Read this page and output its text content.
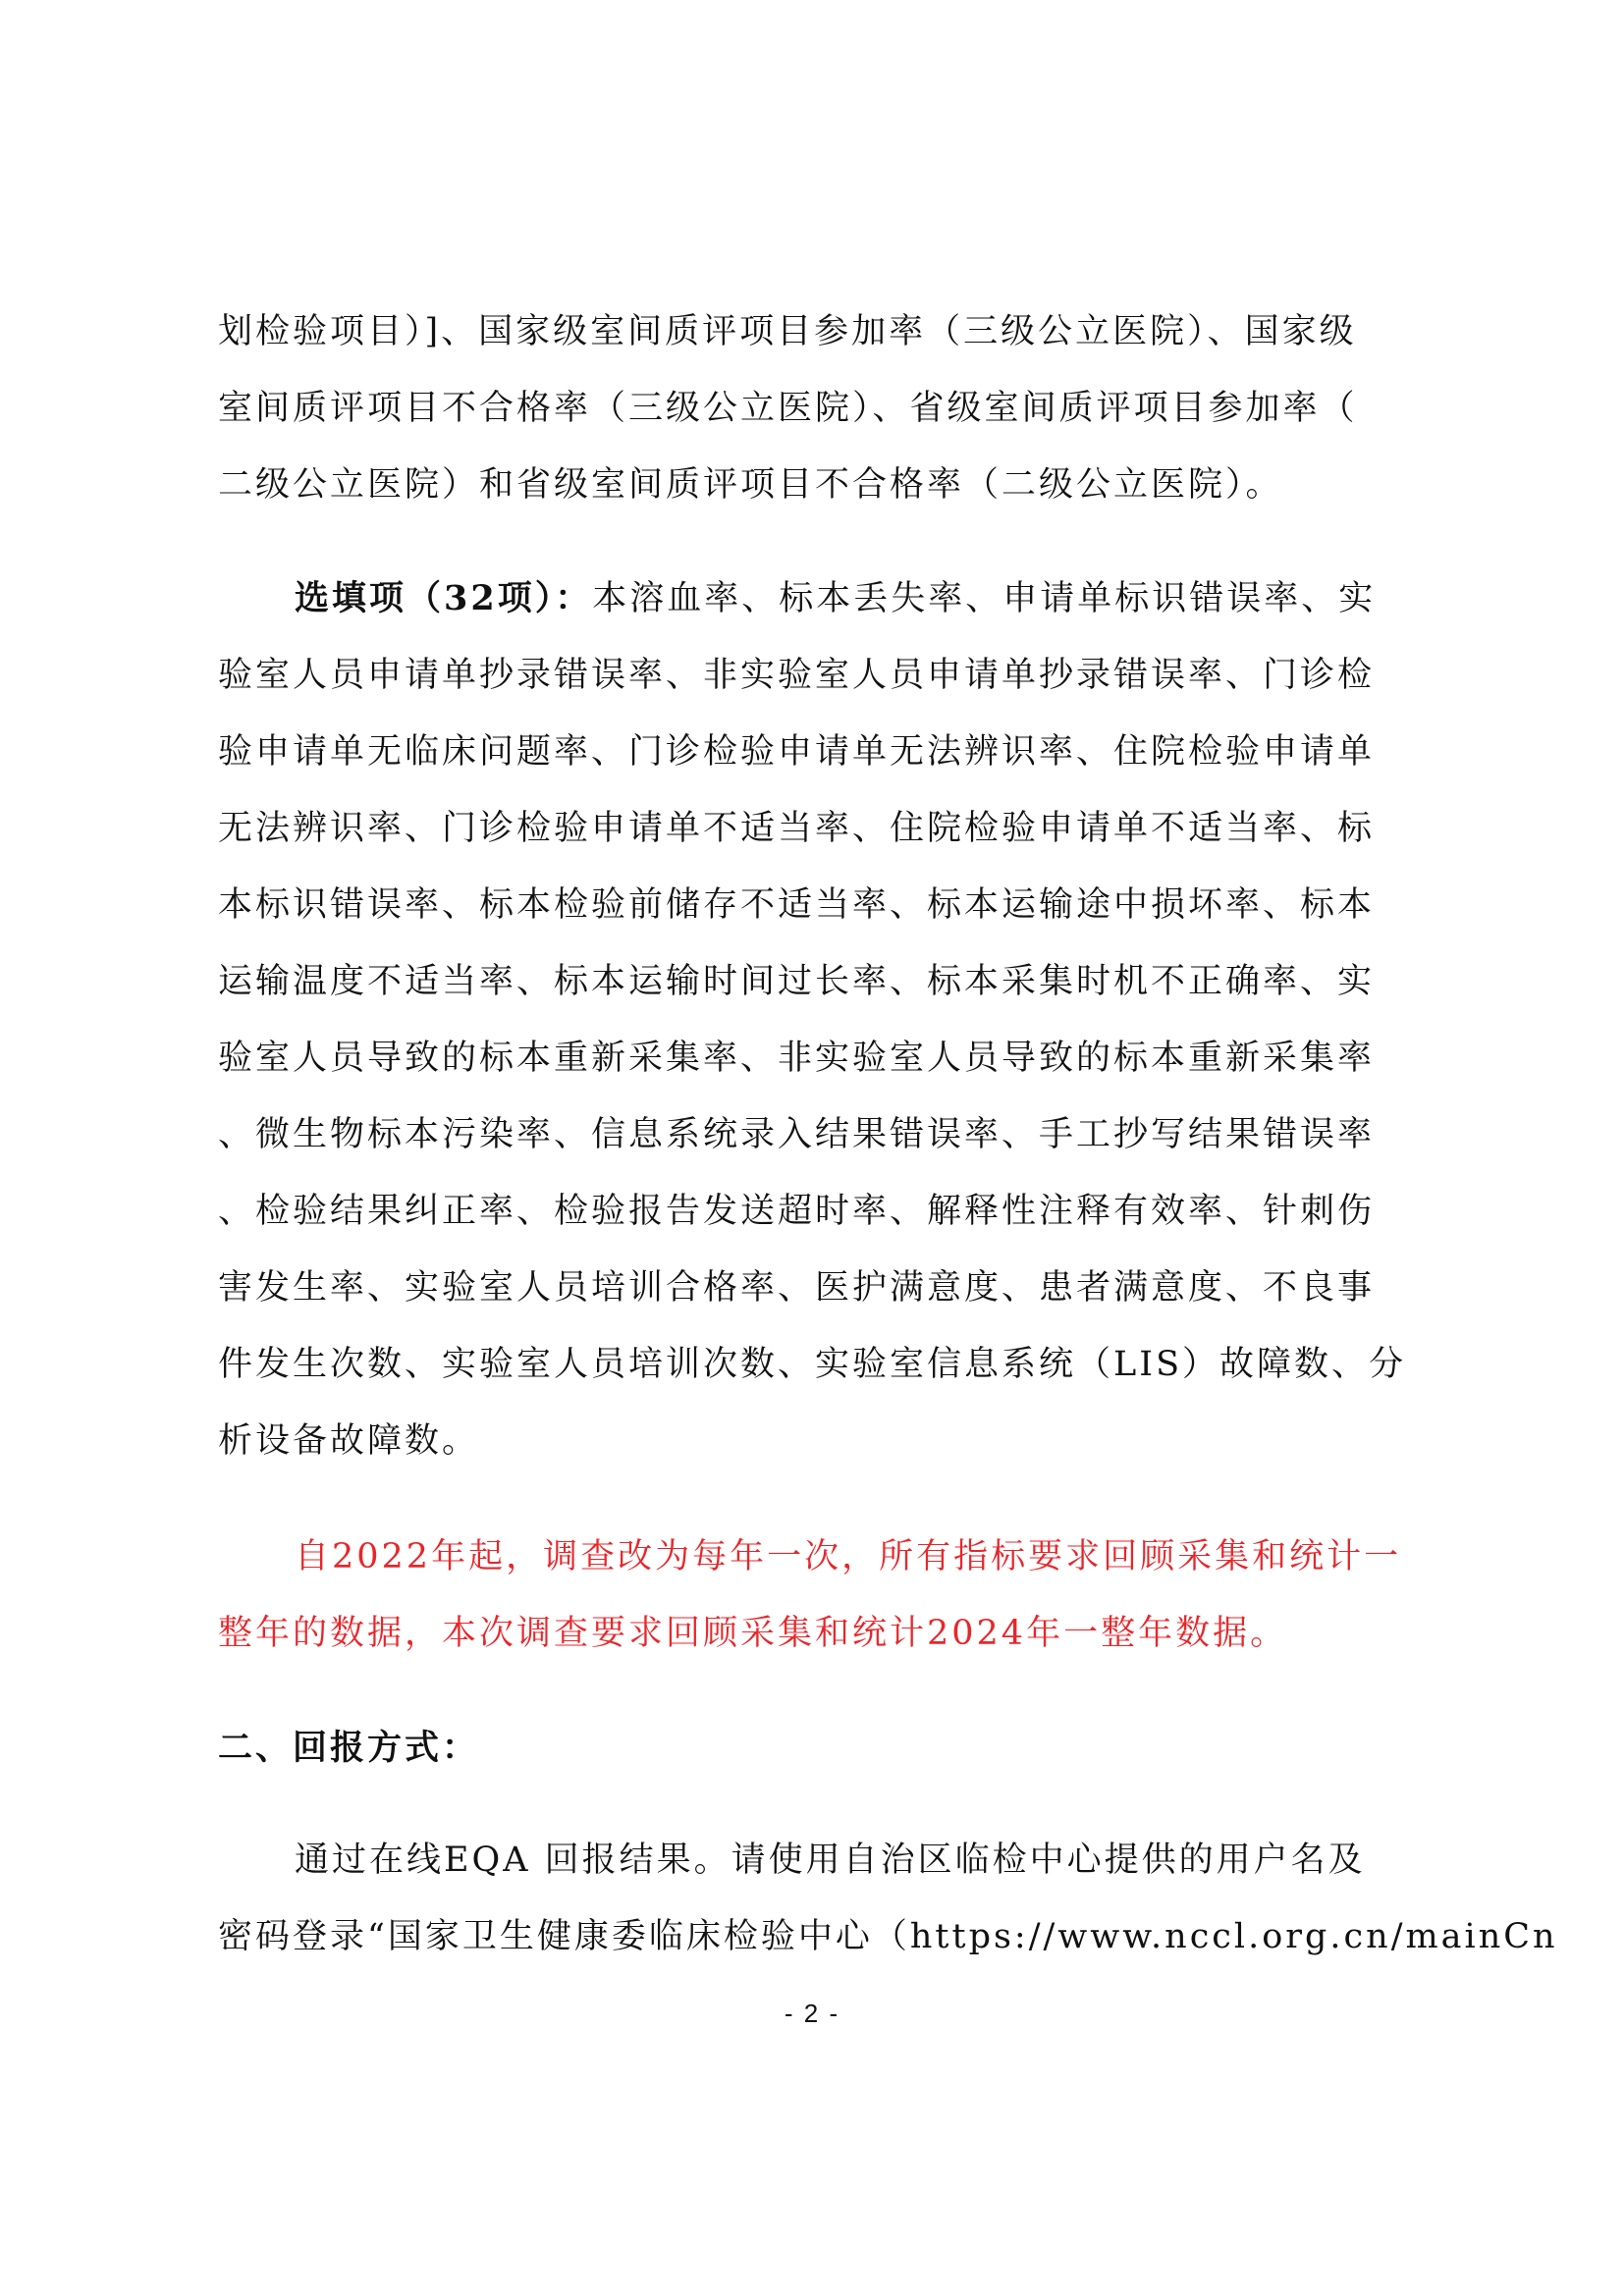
划检验项目）]、国家级室间质评项目参加率（三级公立医院）、国家级
室间质评项目不合格率（三级公立医院）、省级室间质评项目参加率（
二级公立医院）和省级室间质评项目不合格率（二级公立医院）。
选填项（32项）：本溶血率、标本丢失率、申请单标识错误率、实
验室人员申请单抄录错误率、非实验室人员申请单抄录错误率、门诊检
验申请单无临床问题率、门诊检验申请单无法辨识率、住院检验申请单
无法辨识率、门诊检验申请单不适当率、住院检验申请单不适当率、标
本标识错误率、标本检验前储存不适当率、标本运输途中损坏率、标本
运输温度不适当率、标本运输时间过长率、标本采集时机不正确率、实
验室人员导致的标本重新采集率、非实验室人员导致的标本重新采集率
、微生物标本污染率、信息系统录入结果错误率、手工抄写结果错误率
、检验结果纠正率、检验报告发送超时率、解释性注释有效率、针刺伤
害发生率、实验室人员培训合格率、医护满意度、患者满意度、不良事
件发生次数、实验室人员培训次数、实验室信息系统（LIS）故障数、分
析设备故障数。
自2022年起，调查改为每年一次，所有指标要求回顾采集和统计一
整年的数据，本次调查要求回顾采集和统计2024年一整年数据。
二、回报方式：
通过在线EQA 回报结果。请使用自治区临检中心提供的用户名及
密码登录“国家卫生健康委临床检验中心（https://www.nccl.org.cn/mainCn
- 2 -
